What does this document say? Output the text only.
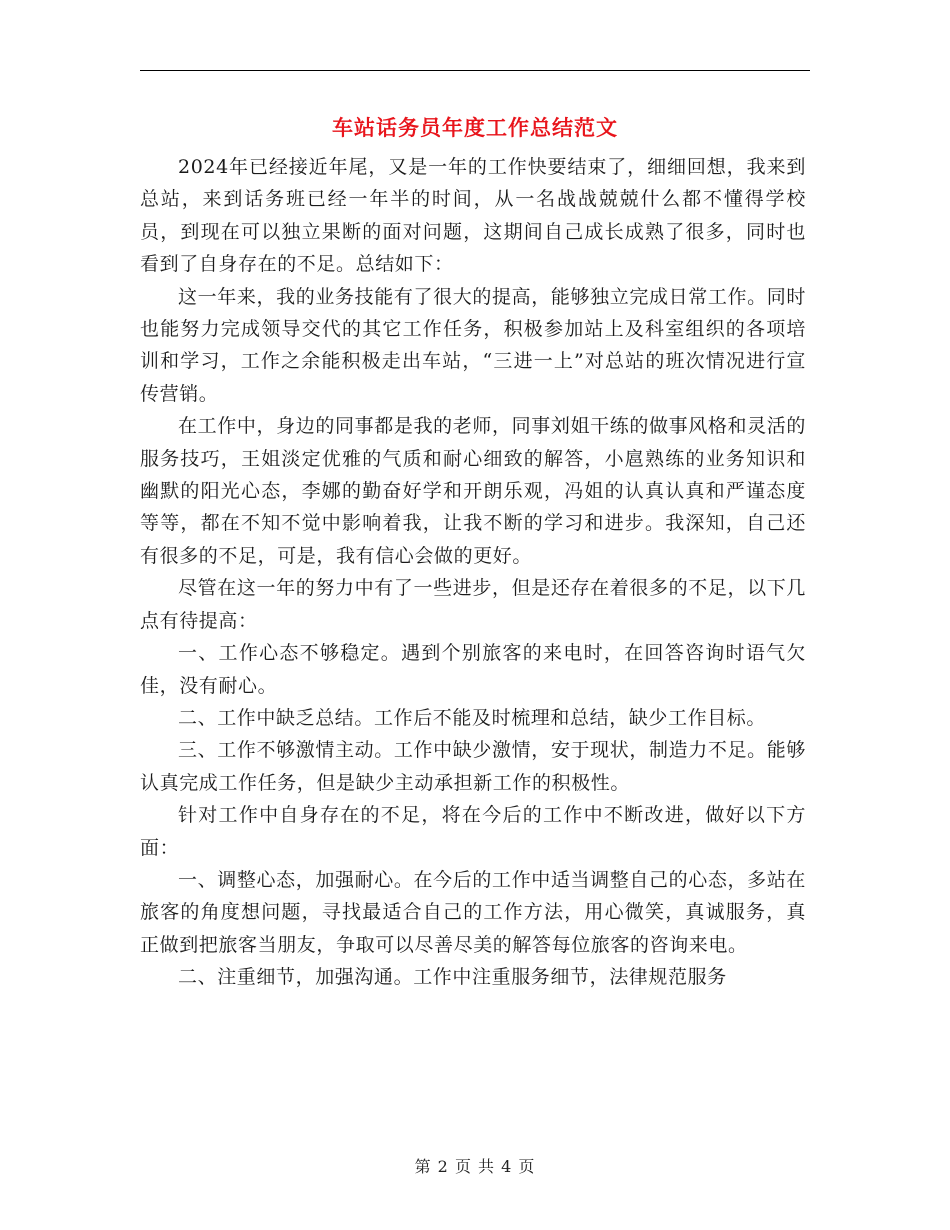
车站话务员年度工作总结范文

2024年已经接近年尾，又是一年的工作快要结束了，细细回想，我来到总站，来到话务班已经一年半的时间，从一名战战兢兢什么都不懂得学校员，到现在可以独立果断的面对问题，这期间自己成长成熟了很多，同时也看到了自身存在的不足。总结如下：

这一年来，我的业务技能有了很大的提高，能够独立完成日常工作。同时也能努力完成领导交代的其它工作任务，积极参加站上及科室组织的各项培训和学习，工作之余能积极走出车站，“三进一上”对总站的班次情况进行宣传营销。

在工作中，身边的同事都是我的老师，同事刘姐干练的做事风格和灵活的服务技巧，王姐淡定优雅的气质和耐心细致的解答，小扈熟练的业务知识和幽默的阳光心态，李娜的勤奋好学和开朗乐观，冯姐的认真认真和严谨态度等等，都在不知不觉中影响着我，让我不断的学习和进步。我深知，自己还有很多的不足，可是，我有信心会做的更好。

尽管在这一年的努力中有了一些进步，但是还存在着很多的不足，以下几点有待提高：

一、工作心态不够稳定。遇到个别旅客的来电时，在回答咨询时语气欠佳，没有耐心。

二、工作中缺乏总结。工作后不能及时梳理和总结，缺少工作目标。

三、工作不够激情主动。工作中缺少激情，安于现状，制造力不足。能够认真完成工作任务，但是缺少主动承担新工作的积极性。

针对工作中自身存在的不足，将在今后的工作中不断改进，做好以下方面：

一、调整心态，加强耐心。在今后的工作中适当调整自己的心态，多站在旅客的角度想问题，寻找最适合自己的工作方法，用心微笑，真诚服务，真正做到把旅客当朋友，争取可以尽善尽美的解答每位旅客的咨询来电。

二、注重细节，加强沟通。工作中注重服务细节，法律规范服务

第 2 页 共 4 页
